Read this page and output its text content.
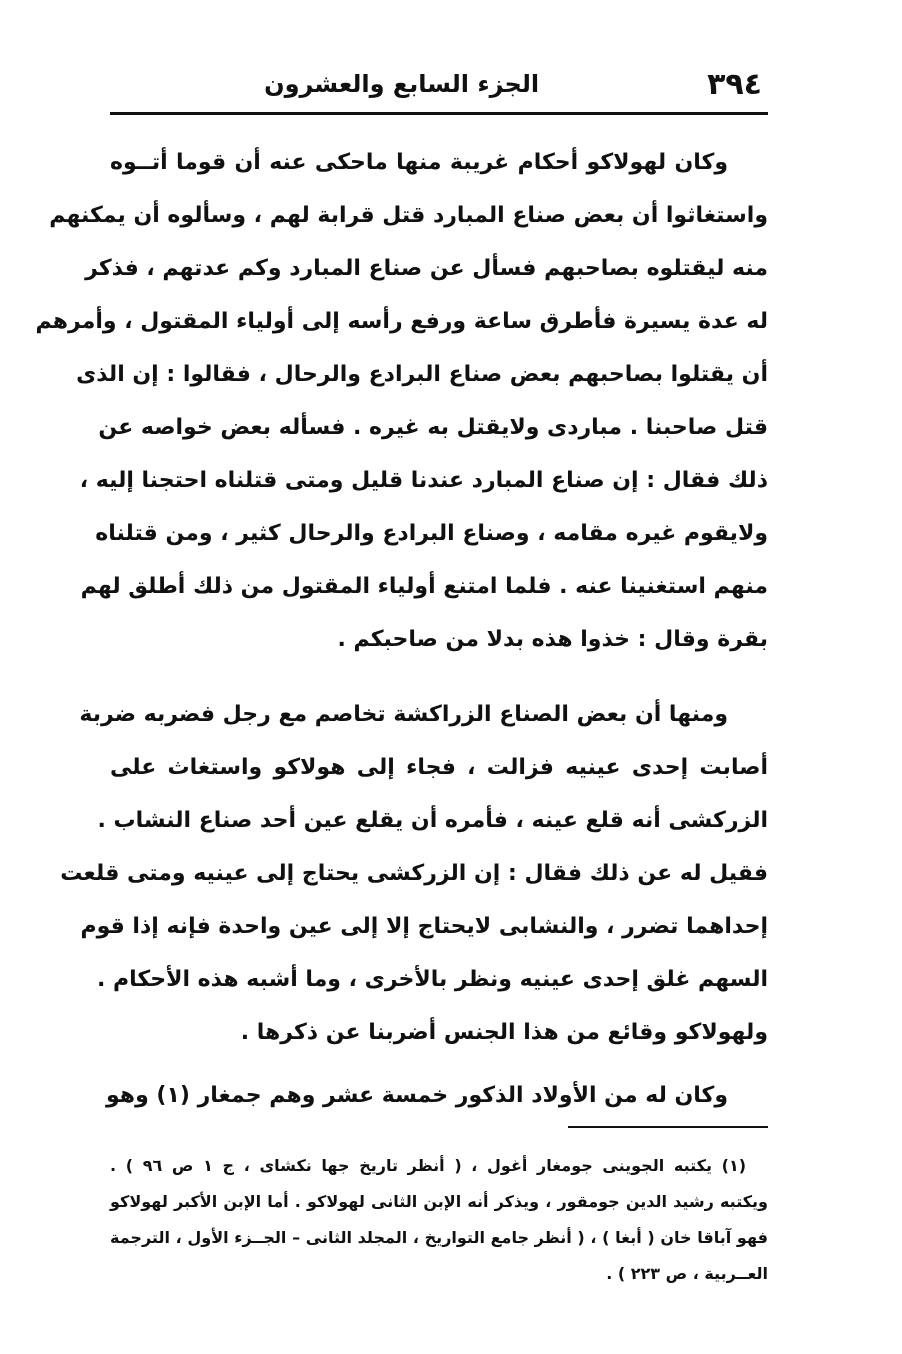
٣٩٤
الجزء السابع والعشرون
وكان لهولاكو أحكام غريبة منها ماحكى عنه أن قوما أتــوه
واستغاثوا أن بعض صناع المبارد قتل قرابة لهم ، وسألوه أن يمكنهم
منه ليقتلوه بصاحبهم فسأل عن صناع المبارد وكم عدتهم ، فذكر
له عدة يسيرة فأطرق ساعة ورفع رأسه إلى أولياء المقتول ، وأمرهم
أن يقتلوا بصاحبهم بعض صناع البرادع والرحال ، فقالوا : إن الذى
قتل صاحبنا . مباردى ولايقتل به غيره . فسأله بعض خواصه عن
ذلك فقال : إن صناع المبارد عندنا قليل ومتى قتلناه احتجنا إليه ،
ولايقوم غيره مقامه ، وصناع البرادع والرحال كثير ، ومن قتلناه
منهم استغنينا عنه . فلما امتنع أولياء المقتول من ذلك أطلق لهم
بقرة وقال : خذوا هذه بدلا من صاحبكم .
ومنها أن بعض الصناع الزراكشة تخاصم مع رجل فضربه ضربة
أصابت إحدى عينيه فزالت ، فجاء إلى هولاكو واستغاث على
الزركشى أنه قلع عينه ، فأمره أن يقلع عين أحد صناع النشاب .
فقيل له عن ذلك فقال : إن الزركشى يحتاج إلى عينيه ومتى قلعت
إحداهما تضرر ، والنشابى لايحتاج إلا إلى عين واحدة فإنه إذا قوم
السهم غلق إحدى عينيه ونظر بالأخرى ، وما أشبه هذه الأحكام .
ولهولاكو وقائع من هذا الجنس أضربنا عن ذكرها .
وكان له من الأولاد الذكور خمسة عشر وهم جمغار (١) وهو
(١) يكتبه الجوينى جومغار أغول ، ( أنظر تاريخ جها نكشاى ، ج ١ ص ٩٦ ) .
ويكتبه رشيد الدين جومقور ، ويذكر أنه الإبن الثانى لهولاكو . أما الإبن الأكبر لهولاكو
فهو آباقا خان ( أبغا ) ، ( أنظر جامع التواريخ ، المجلد الثانى – الجــزء الأول ، الترجمة
العــربية ، ص ٢٢٣ ) .
